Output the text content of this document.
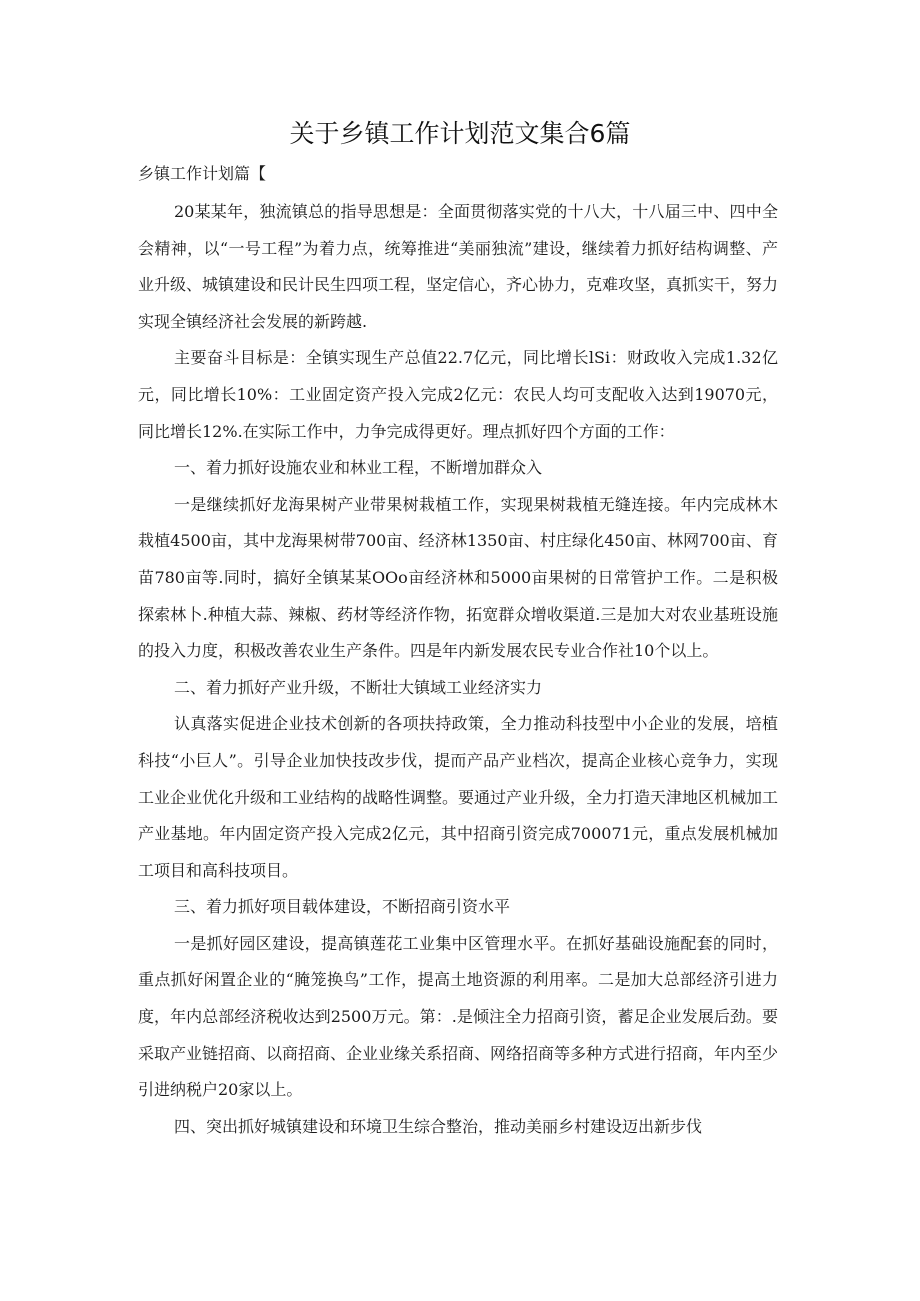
关于乡镇工作计划范文集合6篇
乡镇工作计划篇【

20某某年，独流镇总的指导思想是：全面贯彻落实党的十八大，十八届三中、四中全会精神，以“一号工程”为着力点，统筹推进“美丽独流”建设，继续着力抓好结构调整、产业升级、城镇建设和民计民生四项工程，坚定信心，齐心协力，克难攻坚，真抓实干，努力实现全镇经济社会发展的新跨越.

主要奋斗目标是：全镇实现生产总值22.7亿元，同比增长lSi：财政收入完成1.32亿元，同比增长10%：工业固定资产投入完成2亿元：农民人均可支配收入达到19070元，同比增长12%.在实际工作中，力争完成得更好。理点抓好四个方面的工作：

一、着力抓好设施农业和林业工程，不断增加群众入

一是继续抓好龙海果树产业带果树栽植工作，实现果树栽植无缝连接。年内完成林木栽植4500亩，其中龙海果树带700亩、经济林1350亩、村庄绿化450亩、林网700亩、育苗780亩等.同时，搞好全镇某某OOo亩经济林和5000亩果树的日常管护工作。二是积极探索林卜.种植大蒜、辣椒、药材等经济作物，拓宽群众增收渠道.三是加大对农业基班设施的投入力度，积极改善农业生产条件。四是年内新发展农民专业合作社10个以上。

二、着力抓好产业升级，不断壮大镇域工业经济实力

认真落实促进企业技术创新的各项扶持政策，全力推动科技型中小企业的发展，培植科技“小巨人”。引导企业加快技改步伐，提而产品产业档次，提高企业核心竞争力，实现工业企业优化升级和工业结构的战略性调整。要通过产业升级，全力打造天津地区机械加工产业基地。年内固定资产投入完成2亿元，其中招商引资完成700071元，重点发展机械加工项目和高科技项目。

三、着力抓好项目载体建设，不断招商引资水平

一是抓好园区建设，提高镇莲花工业集中区管理水平。在抓好基础设施配套的同时，重点抓好闲置企业的“腌笼换鸟”工作，提高土地资源的利用率。二是加大总部经济引进力度，年内总部经济税收达到2500万元。第：.是倾注全力招商引资，蓄足企业发展后劲。要采取产业链招商、以商招商、企业业缘关系招商、网络招商等多种方式进行招商，年内至少引进纳税户20家以上。

四、突出抓好城镇建设和环境卫生综合整治，推动美丽乡村建设迈出新步伐
